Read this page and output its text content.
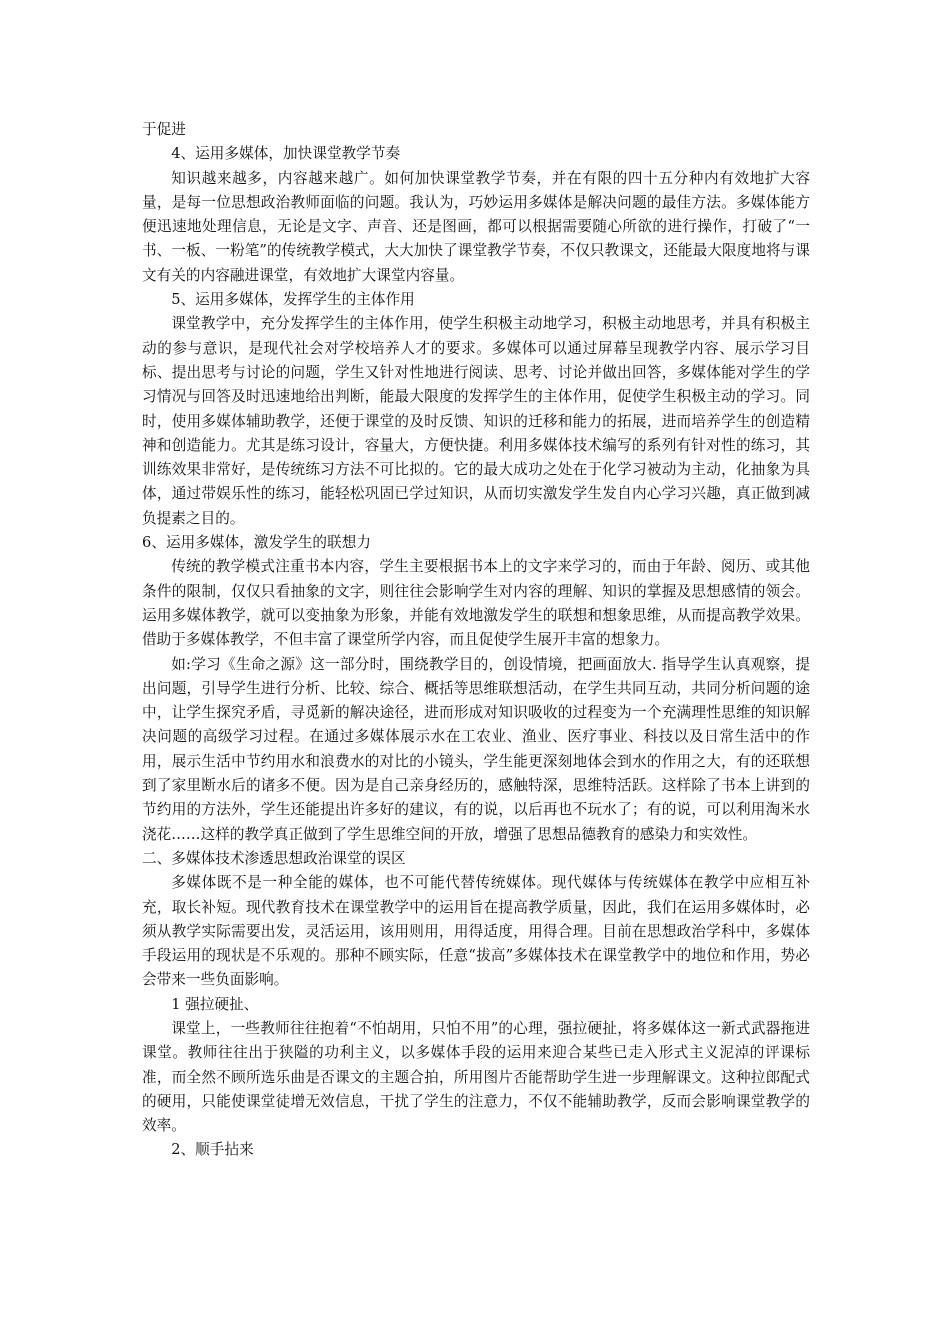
于促进

4、运用多媒体，加快课堂教学节奏

知识越来越多，内容越来越广。如何加快课堂教学节奏，并在有限的四十五分种内有效地扩大容量，是每一位思想政治教师面临的问题。我认为，巧妙运用多媒体是解决问题的最佳方法。多媒体能方便迅速地处理信息，无论是文字、声音、还是图画，都可以根据需要随心所欲的进行操作，打破了“一书、一板、一粉笔”的传统教学模式，大大加快了课堂教学节奏，不仅只教课文，还能最大限度地将与课文有关的内容融进课堂，有效地扩大课堂内容量。

5、运用多媒体，发挥学生的主体作用

课堂教学中，充分发挥学生的主体作用，使学生积极主动地学习，积极主动地思考，并具有积极主动的参与意识，是现代社会对学校培养人才的要求。多媒体可以通过屏幕呈现教学内容、展示学习目标、提出思考与讨论的问题，学生又针对性地进行阅读、思考、讨论并做出回答，多媒体能对学生的学习情况与回答及时迅速地给出判断，能最大限度的发挥学生的主体作用，促使学生积极主动的学习。同时，使用多媒体辅助教学，还便于课堂的及时反馈、知识的迁移和能力的拓展，进而培养学生的创造精神和创造能力。尤其是练习设计，容量大，方便快捷。利用多媒体技术编写的系列有针对性的练习，其训练效果非常好，是传统练习方法不可比拟的。它的最大成功之处在于化学习被动为主动，化抽象为具体，通过带娱乐性的练习，能轻松巩固已学过知识，从而切实激发学生发自内心学习兴趣，真正做到减负提素之目的。

6、运用多媒体，激发学生的联想力

传统的教学模式注重书本内容，学生主要根据书本上的文字来学习的，而由于年龄、阅历、或其他条件的限制，仅仅只看抽象的文字，则往往会影响学生对内容的理解、知识的掌握及思想感情的领会。运用多媒体教学，就可以变抽象为形象，并能有效地激发学生的联想和想象思维，从而提高教学效果。借助于多媒体教学，不但丰富了课堂所学内容，而且促使学生展开丰富的想象力。

如:学习《生命之源》这一部分时，围绕教学目的，创设情境，把画面放大. 指导学生认真观察，提出问题，引导学生进行分析、比较、综合、概括等思维联想活动，在学生共同互动，共同分析问题的途中，让学生探究矛盾，寻觅新的解决途径，进而形成对知识吸收的过程变为一个充满理性思维的知识解决问题的高级学习过程。在通过多媒体展示水在工农业、渔业、医疗事业、科技以及日常生活中的作用，展示生活中节约用水和浪费水的对比的小镜头，学生能更深刻地体会到水的作用之大，有的还联想到了家里断水后的诸多不便。因为是自己亲身经历的，感触特深，思维特活跃。这样除了书本上讲到的节约用的方法外，学生还能提出许多好的建议，有的说，以后再也不玩水了；有的说，可以利用淘米水浇花……这样的教学真正做到了学生思维空间的开放，增强了思想品德教育的感染力和实效性。

二、多媒体技术渗透思想政治课堂的误区

多媒体既不是一种全能的媒体，也不可能代替传统媒体。现代媒体与传统媒体在教学中应相互补充，取长补短。现代教育技术在课堂教学中的运用旨在提高教学质量，因此，我们在运用多媒体时，必须从教学实际需要出发，灵活运用，该用则用，用得适度，用得合理。目前在思想政治学科中，多媒体手段运用的现状是不乐观的。那种不顾实际，任意“拔高”多媒体技术在课堂教学中的地位和作用，势必会带来一些负面影响。

1 强拉硬扯、

课堂上，一些教师往往抱着“不怕胡用，只怕不用”的心理，强拉硬扯，将多媒体这一新式武器拖进课堂。教师往往出于狭隘的功利主义，以多媒体手段的运用来迎合某些已走入形式主义泥淖的评课标准，而全然不顾所选乐曲是否课文的主题合拍，所用图片否能帮助学生进一步理解课文。这种拉郎配式的硬用，只能使课堂徒增无效信息，干扰了学生的注意力，不仅不能辅助教学，反而会影响课堂教学的效率。

2、顺手拈来
